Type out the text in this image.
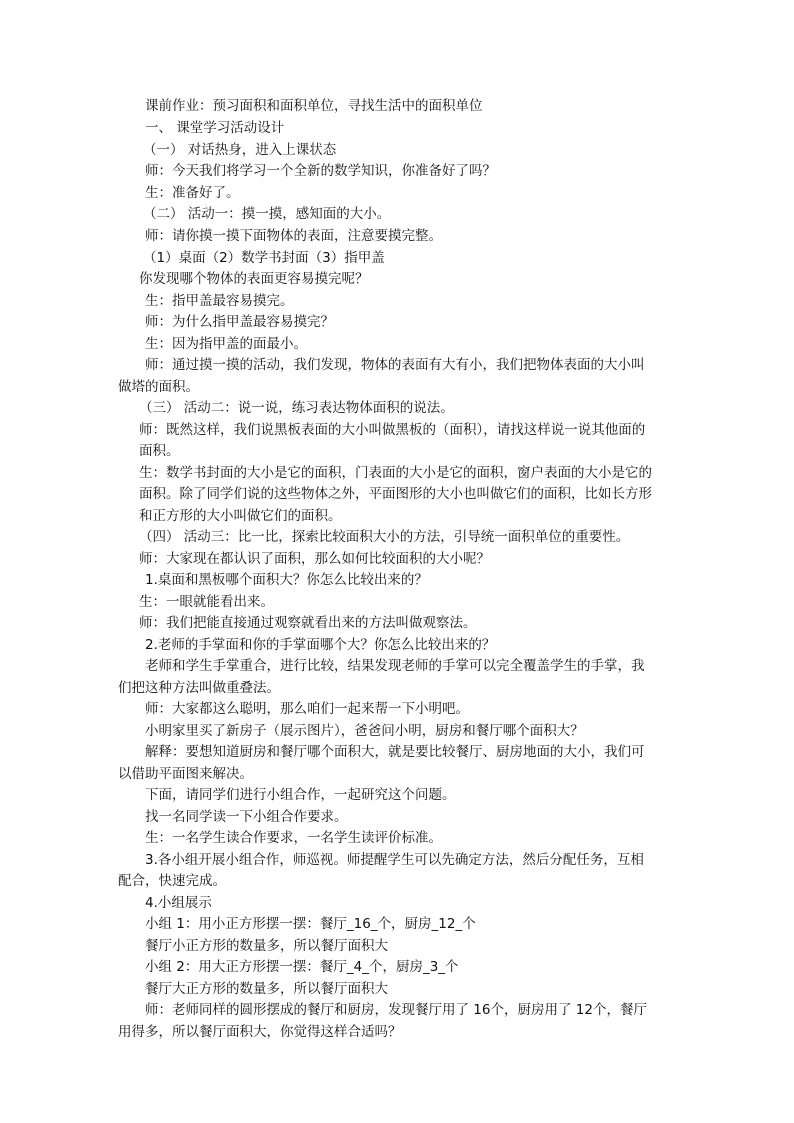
课前作业：预习面积和面积单位，寻找生活中的面积单位
一、 课堂学习活动设计
（一） 对话热身，进入上课状态
师：今天我们将学习一个全新的数学知识，你准备好了吗？
生：准备好了。
（二） 活动一：摸一摸，感知面的大小。
师：请你摸一摸下面物体的表面，注意要摸完整。
（1）桌面（2）数学书封面（3）指甲盖
你发现哪个物体的表面更容易摸完呢？
生：指甲盖最容易摸完。
师：为什么指甲盖最容易摸完？
生：因为指甲盖的面最小。
师：通过摸一摸的活动，我们发现，物体的表面有大有小，我们把物体表面的大小叫
做塔的面积。
（三） 活动二：说一说，练习表达物体面积的说法。
师：既然这样，我们说黑板表面的大小叫做黑板的（面积），请找这样说一说其他面的
面积。
生：数学书封面的大小是它的面积，门表面的大小是它的面积，窗户表面的大小是它的
面积。除了同学们说的这些物体之外，平面图形的大小也叫做它们的面积，比如长方形
和正方形的大小叫做它们的面积。
（四） 活动三：比一比，探索比较面积大小的方法，引导统一面积单位的重要性。
师：大家现在都认识了面积，那么如何比较面积的大小呢？
1.桌面和黑板哪个面积大？你怎么比较出来的？
生：一眼就能看出来。
师：我们把能直接通过观察就看出来的方法叫做观察法。
2.老师的手掌面和你的手掌面哪个大？你怎么比较出来的？
老师和学生手掌重合，进行比较，结果发现老师的手掌可以完全覆盖学生的手掌，我
们把这种方法叫做重叠法。
师：大家都这么聪明，那么咱们一起来帮一下小明吧。
小明家里买了新房子（展示图片），爸爸问小明，厨房和餐厅哪个面积大？
解释：要想知道厨房和餐厅哪个面积大，就是要比较餐厅、厨房地面的大小，我们可
以借助平面图来解决。
下面，请同学们进行小组合作，一起研究这个问题。
找一名同学读一下小组合作要求。
生：一名学生读合作要求，一名学生读评价标准。
3.各小组开展小组合作，师巡视。师提醒学生可以先确定方法，然后分配任务，互相
配合，快速完成。
4.小组展示
小组 1：用小正方形摆一摆：餐厅_16_个，厨房_12_个
餐厅小正方形的数量多，所以餐厅面积大
小组 2：用大正方形摆一摆：餐厅_4_个，厨房_3_个
餐厅大正方形的数量多，所以餐厅面积大
师：老师同样的圆形摆成的餐厅和厨房，发现餐厅用了 16个，厨房用了 12个，餐厅
用得多，所以餐厅面积大，你觉得这样合适吗？
